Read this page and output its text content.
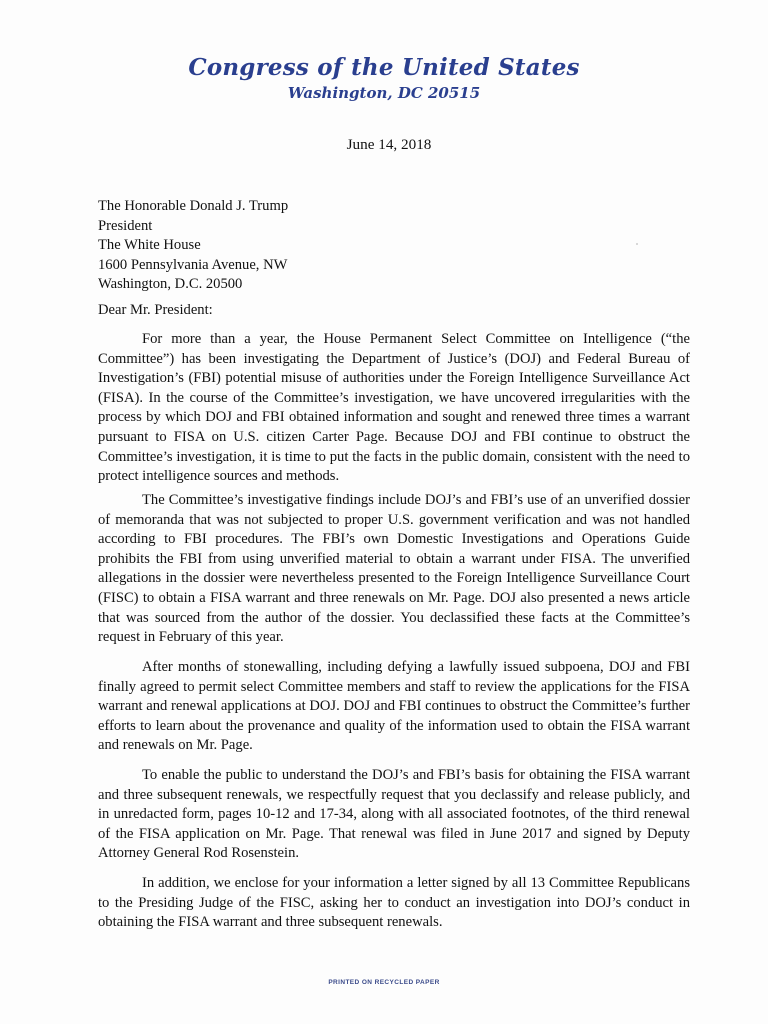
Congress of the United States
Washington, DC 20515
June 14, 2018
The Honorable Donald J. Trump
President
The White House
1600 Pennsylvania Avenue, NW
Washington, D.C. 20500
Dear Mr. President:

For more than a year, the House Permanent Select Committee on Intelligence (“the Committee”) has been investigating the Department of Justice’s (DOJ) and Federal Bureau of Investigation’s (FBI) potential misuse of authorities under the Foreign Intelligence Surveillance Act (FISA). In the course of the Committee’s investigation, we have uncovered irregularities with the process by which DOJ and FBI obtained information and sought and renewed three times a warrant pursuant to FISA on U.S. citizen Carter Page. Because DOJ and FBI continue to obstruct the Committee’s investigation, it is time to put the facts in the public domain, consistent with the need to protect intelligence sources and methods.

The Committee’s investigative findings include DOJ’s and FBI’s use of an unverified dossier of memoranda that was not subjected to proper U.S. government verification and was not handled according to FBI procedures. The FBI’s own Domestic Investigations and Operations Guide prohibits the FBI from using unverified material to obtain a warrant under FISA. The unverified allegations in the dossier were nevertheless presented to the Foreign Intelligence Surveillance Court (FISC) to obtain a FISA warrant and three renewals on Mr. Page. DOJ also presented a news article that was sourced from the author of the dossier. You declassified these facts at the Committee’s request in February of this year.

After months of stonewalling, including defying a lawfully issued subpoena, DOJ and FBI finally agreed to permit select Committee members and staff to review the applications for the FISA warrant and renewal applications at DOJ. DOJ and FBI continues to obstruct the Committee’s further efforts to learn about the provenance and quality of the information used to obtain the FISA warrant and renewals on Mr. Page.

To enable the public to understand the DOJ’s and FBI’s basis for obtaining the FISA warrant and three subsequent renewals, we respectfully request that you declassify and release publicly, and in unredacted form, pages 10-12 and 17-34, along with all associated footnotes, of the third renewal of the FISA application on Mr. Page. That renewal was filed in June 2017 and signed by Deputy Attorney General Rod Rosenstein.

In addition, we enclose for your information a letter signed by all 13 Committee Republicans to the Presiding Judge of the FISC, asking her to conduct an investigation into DOJ’s conduct in obtaining the FISA warrant and three subsequent renewals.

PRINTED ON RECYCLED PAPER
